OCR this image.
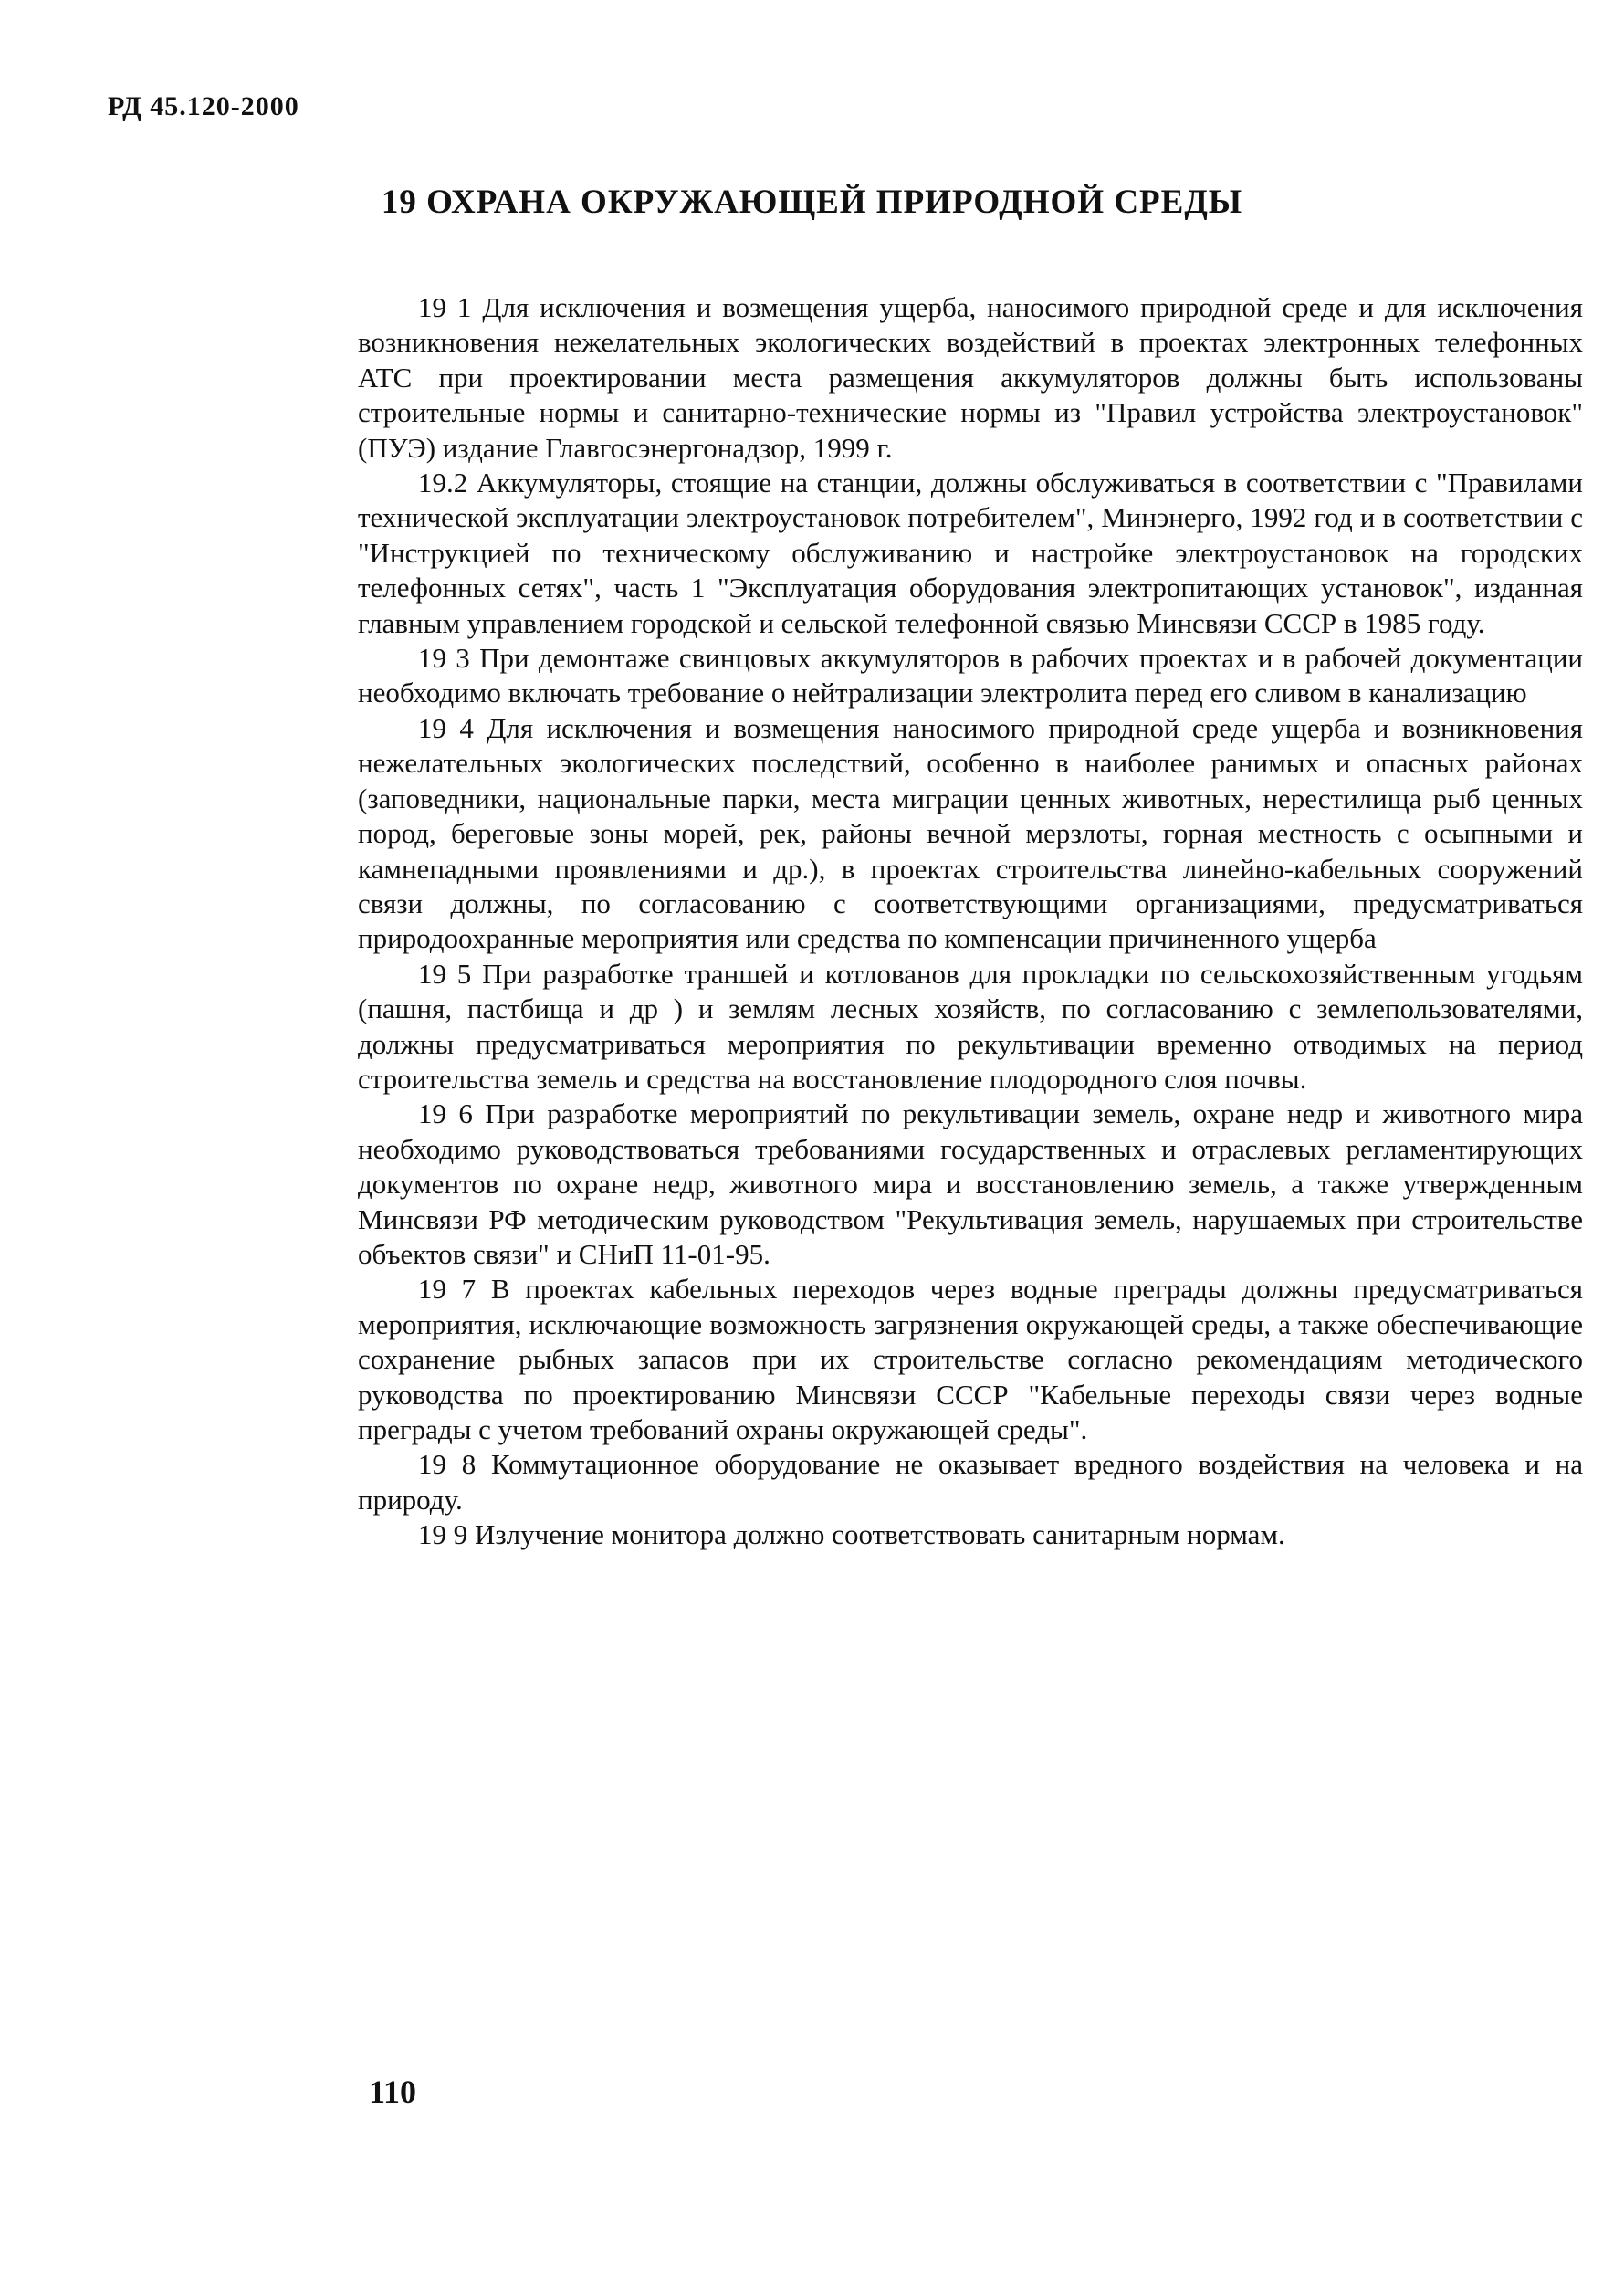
РД 45.120-2000

19 ОХРАНА ОКРУЖАЮЩЕЙ ПРИРОДНОЙ СРЕДЫ

19 1 Для исключения и возмещения ущерба, наносимого природной среде и для исключения возникновения нежелательных экологических воздействий в проектах электронных телефонных АТС при проектировании места размещения аккумуляторов должны быть использованы строительные нормы и санитарно-технические нормы из "Правил устройства электроустановок" (ПУЭ) издание Главгосэнергонадзор, 1999 г.

19.2 Аккумуляторы, стоящие на станции, должны обслуживаться в соответствии с "Правилами технической эксплуатации электроустановок потребителем", Минэнерго, 1992 год и в соответствии с "Инструкцией по техническому обслуживанию и настройке электроустановок на городских телефонных сетях", часть 1 "Эксплуатация оборудования электропитающих установок", изданная главным управлением городской и сельской телефонной связью Минсвязи СССР в 1985 году.

19 3 При демонтаже свинцовых аккумуляторов в рабочих проектах и в рабочей документации необходимо включать требование о нейтрализации электролита перед его сливом в канализацию

19 4 Для исключения и возмещения наносимого природной среде ущерба и возникновения нежелательных экологических последствий, особенно в наиболее ранимых и опасных районах (заповедники, национальные парки, места миграции ценных животных, нерестилища рыб ценных пород, береговые зоны морей, рек, районы вечной мерзлоты, горная местность с осыпными и камнепадными проявлениями и др.), в проектах строительства линейно-кабельных сооружений связи должны, по согласованию с соответствующими организациями, предусматриваться природоохранные мероприятия или средства по компенсации причиненного ущерба

19 5 При разработке траншей и котлованов для прокладки по сельскохозяйственным угодьям (пашня, пастбища и др ) и землям лесных хозяйств, по согласованию с землепользователями, должны предусматриваться мероприятия по рекультивации временно отводимых на период строительства земель и средства на восстановление плодородного слоя почвы.

19 6 При разработке мероприятий по рекультивации земель, охране недр и животного мира необходимо руководствоваться требованиями государственных и отраслевых регламентирующих документов по охране недр, животного мира и восстановлению земель, а также утвержденным Минсвязи РФ методическим руководством "Рекультивация земель, нарушаемых при строительстве объектов связи" и СНиП 11-01-95.

19 7 В проектах кабельных переходов через водные преграды должны предусматриваться мероприятия, исключающие возможность загрязнения окружающей среды, а также обеспечивающие сохранение рыбных запасов при их строительстве согласно рекомендациям методического руководства по проектированию Минсвязи СССР "Кабельные переходы связи через водные преграды с учетом требований охраны окружающей среды".

19 8 Коммутационное оборудование не оказывает вредного воздействия на человека и на природу.

19 9 Излучение монитора должно соответствовать санитарным нормам.

110
